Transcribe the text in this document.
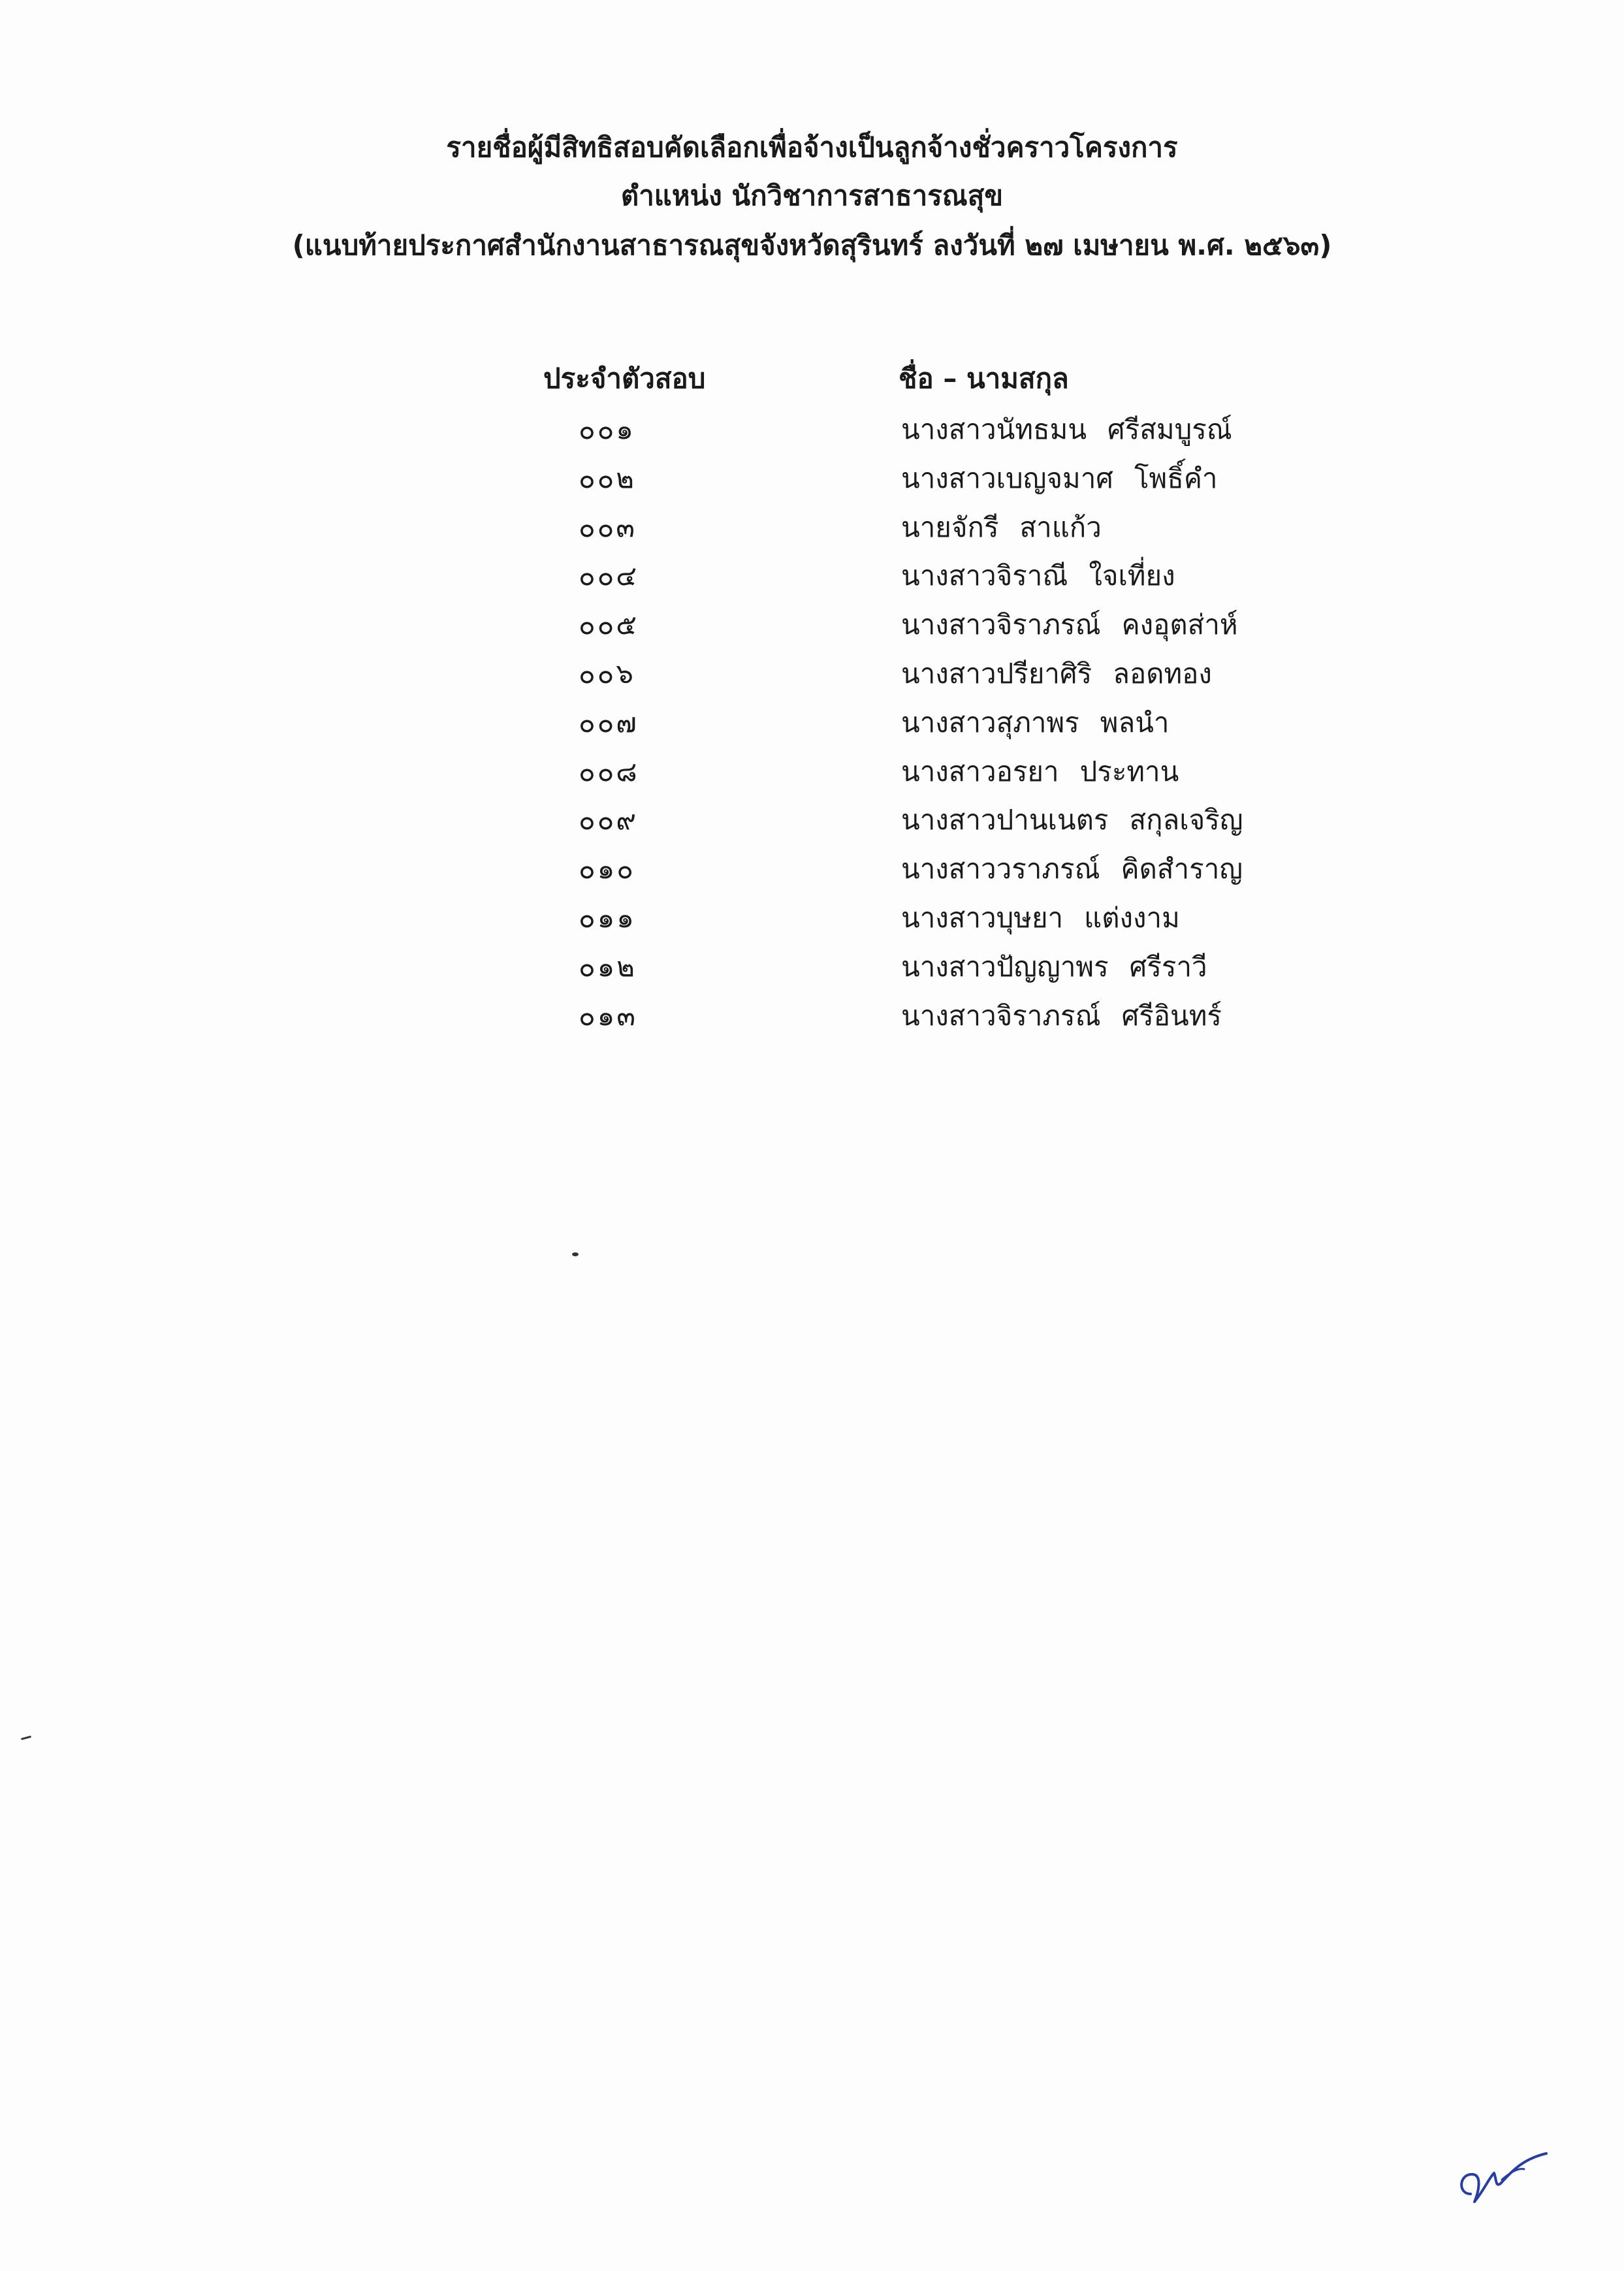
รายชื่อผู้มีสิทธิสอบคัดเลือกเพื่อจ้างเป็นลูกจ้างชั่วคราวโครงการ
ตำแหน่ง นักวิชาการสาธารณสุข
(แนบท้ายประกาศสำนักงานสาธารณสุขจังหวัดสุรินทร์ ลงวันที่ ๒๗ เมษายน พ.ศ. ๒๕๖๓)
ประจำตัวสอบ	ชื่อ – นามสกุล
๐๐๑	นางสาวนัทธมน ศรีสมบูรณ์
๐๐๒	นางสาวเบญจมาศ โพธิ์คำ
๐๐๓	นายจักรี สาแก้ว
๐๐๔	นางสาวจิราณี ใจเที่ยง
๐๐๕	นางสาวจิราภรณ์ คงอุตส่าห์
๐๐๖	นางสาวปรียาศิริ ลอดทอง
๐๐๗	นางสาวสุภาพร พลนำ
๐๐๘	นางสาวอรยา ประทาน
๐๐๙	นางสาวปานเนตร สกุลเจริญ
๐๑๐	นางสาววราภรณ์ คิดสำราญ
๐๑๑	นางสาวบุษยา แต่งงาม
๐๑๒	นางสาวปัญญาพร ศรีราวี
๐๑๓	นางสาวจิราภรณ์ ศรีอินทร์
